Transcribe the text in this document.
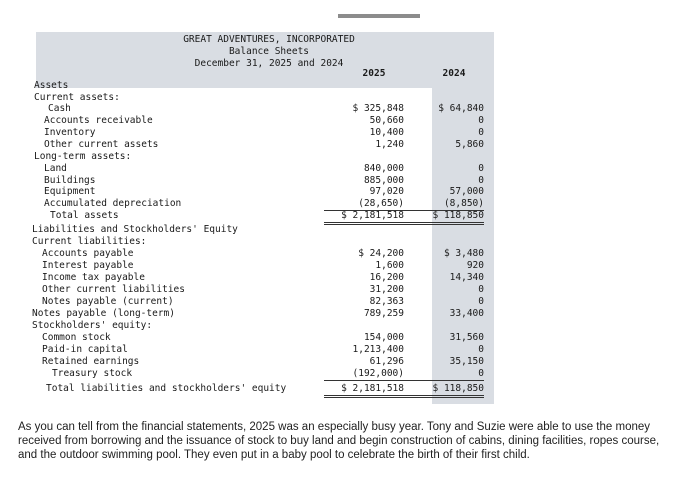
GREAT ADVENTURES, INCORPORATED
Balance Sheets
December 31, 2025 and 2024
2025	2024
Assets
Current assets:
Cash	$ 325,848	$ 64,840
Accounts receivable	50,660	0
Inventory	10,400	0
Other current assets	1,240	5,860
Long-term assets:
Land	840,000	0
Buildings	885,000	0
Equipment	97,020	57,000
Accumulated depreciation	(28,650)	(8,850)
Total assets	$ 2,181,518	$ 118,850
Liabilities and Stockholders' Equity
Current liabilities:
Accounts payable	$ 24,200	$ 3,480
Interest payable	1,600	920
Income tax payable	16,200	14,340
Other current liabilities	31,200	0
Notes payable (current)	82,363	0
Notes payable (long-term)	789,259	33,400
Stockholders' equity:
Common stock	154,000	31,560
Paid-in capital	1,213,400	0
Retained earnings	61,296	35,150
Treasury stock	(192,000)	0
Total liabilities and stockholders' equity	$ 2,181,518	$ 118,850
As you can tell from the financial statements, 2025 was an especially busy year. Tony and Suzie were able to use the money received from borrowing and the issuance of stock to buy land and begin construction of cabins, dining facilities, ropes course, and the outdoor swimming pool. They even put in a baby pool to celebrate the birth of their first child.
